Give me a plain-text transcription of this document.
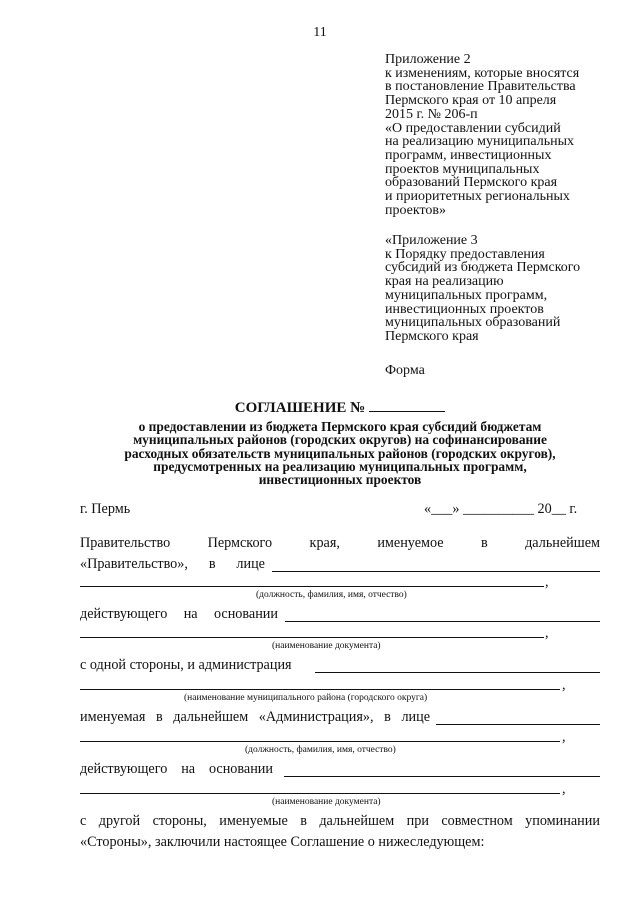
11
Приложение 2
к изменениям, которые вносятся
в постановление Правительства
Пермского края от 10 апреля
2015 г. № 206-п
«О предоставлении субсидий
на реализацию муниципальных
программ, инвестиционных
проектов муниципальных
образований Пермского края
и приоритетных региональных
проектов»
«Приложение 3
к Порядку предоставления
субсидий из бюджета Пермского
края на реализацию
муниципальных программ,
инвестиционных проектов
муниципальных образований
Пермского края
Форма
СОГЛАШЕНИЕ №
о предоставлении из бюджета Пермского края субсидий бюджетам
муниципальных районов (городских округов) на софинансирование
расходных обязательств муниципальных районов (городских округов),
предусмотренных на реализацию муниципальных программ,
инвестиционных проектов
г. Пермь	«___» __________ 20__ г.
Правительство	Пермского	края,	именуемое	в	дальнейшем
«Правительство», в лице
,
(должность, фамилия, имя, отчество)
действующего на основании
,
(наименование документа)
с одной стороны, и администрация
,
(наименование муниципального района (городского округа)
именуемая в дальнейшем «Администрация», в лице
,
(должность, фамилия, имя, отчество)
действующего на основании
,
(наименование документа)
с другой стороны, именуемые в дальнейшем при совместном упоминании
«Стороны», заключили настоящее Соглашение о нижеследующем:
